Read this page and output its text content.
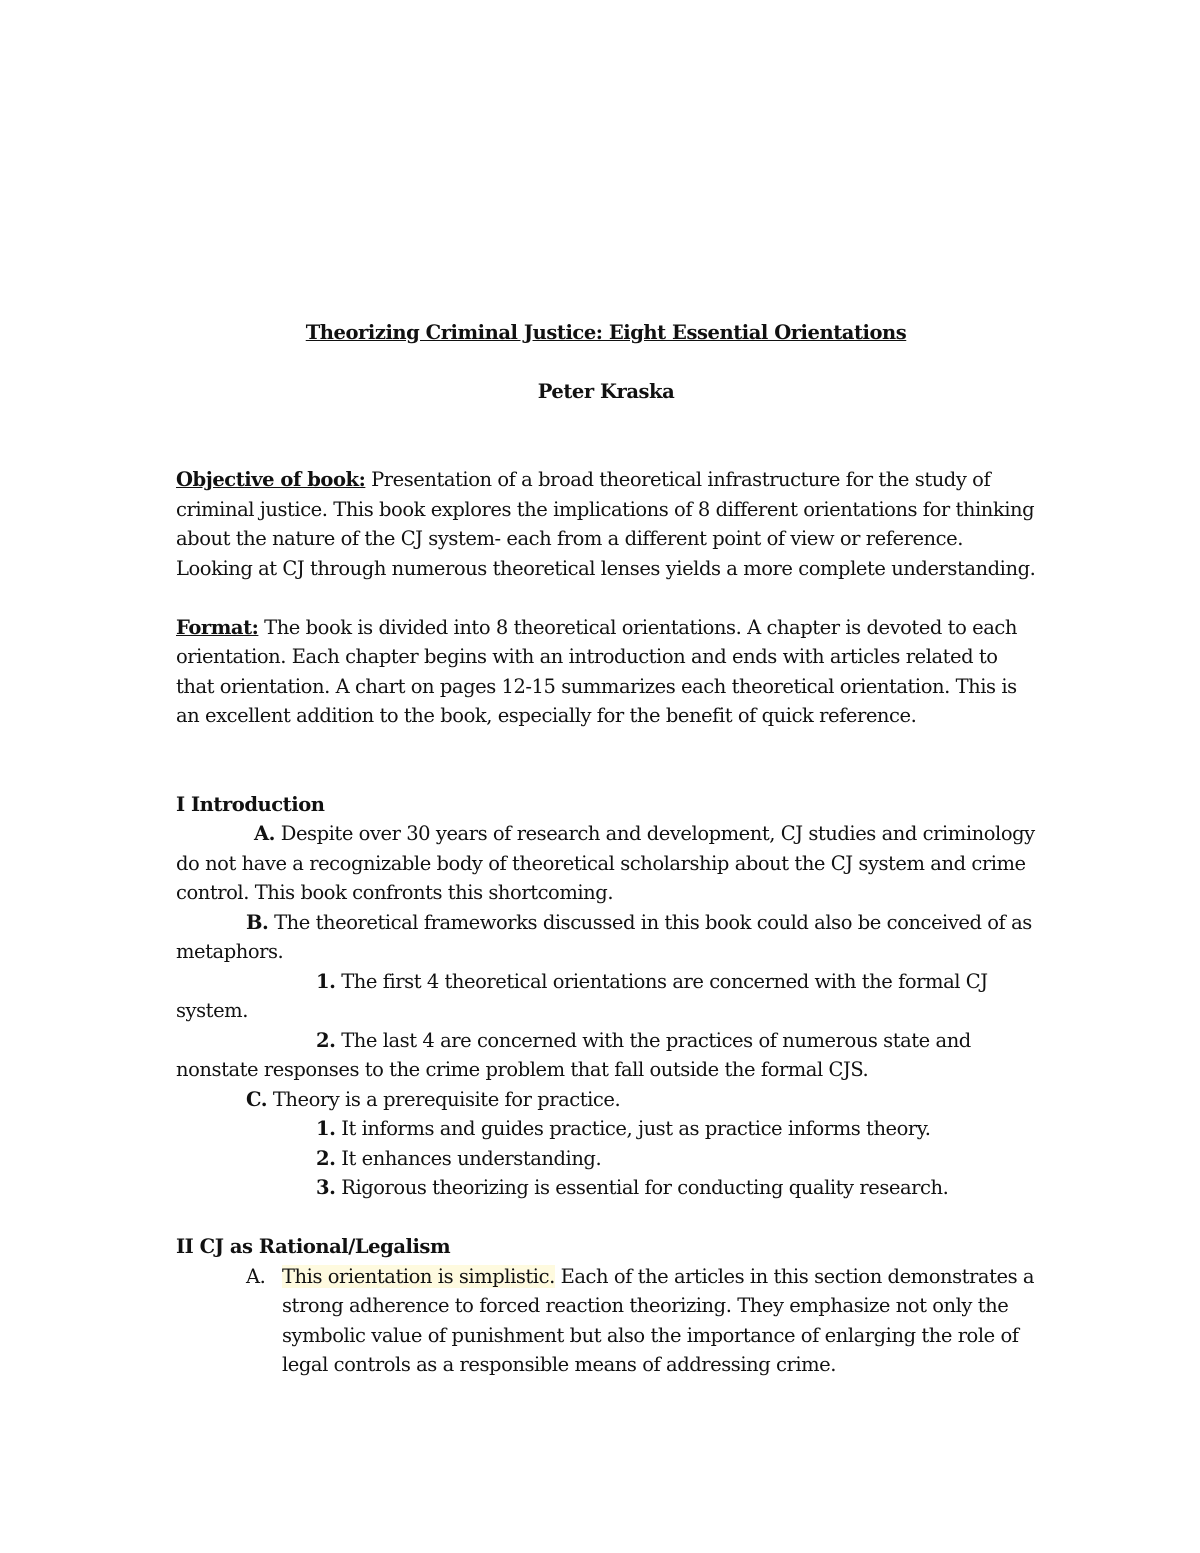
Theorizing Criminal Justice: Eight Essential Orientations

Peter Kraska

Objective of book: Presentation of a broad theoretical infrastructure for the study of criminal justice. This book explores the implications of 8 different orientations for thinking about the nature of the CJ system- each from a different point of view or reference. Looking at CJ through numerous theoretical lenses yields a more complete understanding.

Format: The book is divided into 8 theoretical orientations. A chapter is devoted to each orientation. Each chapter begins with an introduction and ends with articles related to that orientation. A chart on pages 12-15 summarizes each theoretical orientation. This is an excellent addition to the book, especially for the benefit of quick reference.

I Introduction

A. Despite over 30 years of research and development, CJ studies and criminology do not have a recognizable body of theoretical scholarship about the CJ system and crime control. This book confronts this shortcoming.

B. The theoretical frameworks discussed in this book could also be conceived of as metaphors.

1. The first 4 theoretical orientations are concerned with the formal CJ system.

2. The last 4 are concerned with the practices of numerous state and nonstate responses to the crime problem that fall outside the formal CJS.

C. Theory is a prerequisite for practice.

1. It informs and guides practice, just as practice informs theory.

2. It enhances understanding.

3. Rigorous theorizing is essential for conducting quality research.

II CJ as Rational/Legalism

A. This orientation is simplistic. Each of the articles in this section demonstrates a strong adherence to forced reaction theorizing. They emphasize not only the symbolic value of punishment but also the importance of enlarging the role of legal controls as a responsible means of addressing crime.
